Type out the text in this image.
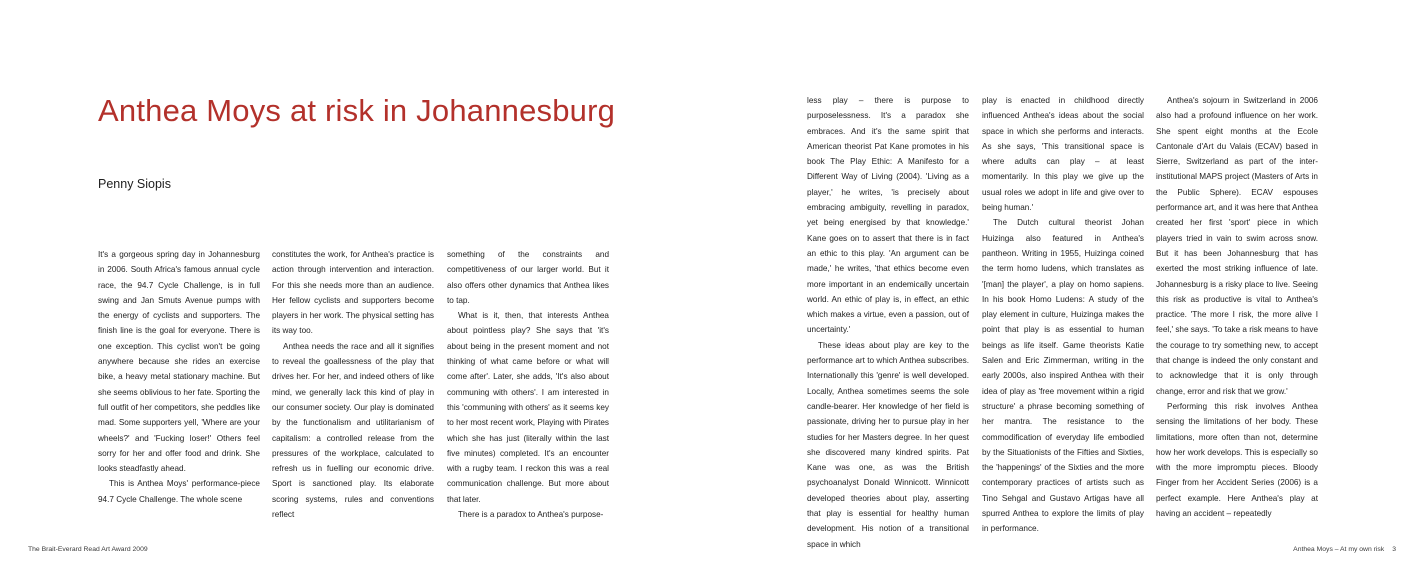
Anthea Moys at risk in Johannesburg
Penny Siopis

It's a gorgeous spring day in Johannesburg in 2006. South Africa's famous annual cycle race, the 94.7 Cycle Challenge, is in full swing and Jan Smuts Avenue pumps with the energy of cyclists and supporters. The finish line is the goal for everyone. There is one exception. This cyclist won't be going anywhere because she rides an exercise bike, a heavy metal stationary machine. But she seems oblivious to her fate. Sporting the full outfit of her competitors, she peddles like mad. Some supporters yell, 'Where are your wheels?' and 'Fucking loser!' Others feel sorry for her and offer food and drink. She looks steadfastly ahead.

This is Anthea Moys' performance-piece 94.7 Cycle Challenge. The whole scene

constitutes the work, for Anthea's practice is action through intervention and interaction. For this she needs more than an audience. Her fellow cyclists and supporters become players in her work. The physical setting has its way too.

Anthea needs the race and all it signifies to reveal the goallessness of the play that drives her. For her, and indeed others of like mind, we generally lack this kind of play in our consumer society. Our play is dominated by the functionalism and utilitarianism of capitalism: a controlled release from the pressures of the workplace, calculated to refresh us in fuelling our economic drive. Sport is sanctioned play. Its elaborate scoring systems, rules and conventions reflect

something of the constraints and competitiveness of our larger world. But it also offers other dynamics that Anthea likes to tap.

What is it, then, that interests Anthea about pointless play? She says that 'it's about being in the present moment and not thinking of what came before or what will come after'. Later, she adds, 'It's also about communing with others'. I am interested in this 'communing with others' as it seems key to her most recent work, Playing with Pirates which she has just (literally within the last five minutes) completed. It's an encounter with a rugby team. I reckon this was a real communication challenge. But more about that later.

There is a paradox to Anthea's purpose-

less play – there is purpose to purposelessness. It's a paradox she embraces. And it's the same spirit that American theorist Pat Kane promotes in his book The Play Ethic: A Manifesto for a Different Way of Living (2004). 'Living as a player,' he writes, 'is precisely about embracing ambiguity, revelling in paradox, yet being energised by that knowledge.' Kane goes on to assert that there is in fact an ethic to this play. 'An argument can be made,' he writes, 'that ethics become even more important in an endemically uncertain world. An ethic of play is, in effect, an ethic which makes a virtue, even a passion, out of uncertainty.'

These ideas about play are key to the performance art to which Anthea subscribes. Internationally this 'genre' is well developed. Locally, Anthea sometimes seems the sole candle-bearer. Her knowledge of her field is passionate, driving her to pursue play in her studies for her Masters degree. In her quest she discovered many kindred spirits. Pat Kane was one, as was the British psychoanalyst Donald Winnicott. Winnicott developed theories about play, asserting that play is essential for healthy human development. His notion of a transitional space in which

play is enacted in childhood directly influenced Anthea's ideas about the social space in which she performs and interacts. As she says, 'This transitional space is where adults can play – at least momentarily. In this play we give up the usual roles we adopt in life and give over to being human.'

The Dutch cultural theorist Johan Huizinga also featured in Anthea's pantheon. Writing in 1955, Huizinga coined the term homo ludens, which translates as '[man] the player', a play on homo sapiens. In his book Homo Ludens: A study of the play element in culture, Huizinga makes the point that play is as essential to human beings as life itself. Game theorists Katie Salen and Eric Zimmerman, writing in the early 2000s, also inspired Anthea with their idea of play as 'free movement within a rigid structure' a phrase becoming something of her mantra. The resistance to the commodification of everyday life embodied by the Situationists of the Fifties and Sixties, the 'happenings' of the Sixties and the more contemporary practices of artists such as Tino Sehgal and Gustavo Artigas have all spurred Anthea to explore the limits of play in performance.

Anthea's sojourn in Switzerland in 2006 also had a profound influence on her work. She spent eight months at the Ecole Cantonale d'Art du Valais (ECAV) based in Sierre, Switzerland as part of the inter-institutional MAPS project (Masters of Arts in the Public Sphere). ECAV espouses performance art, and it was here that Anthea created her first 'sport' piece in which players tried in vain to swim across snow. But it has been Johannesburg that has exerted the most striking influence of late. Johannesburg is a risky place to live. Seeing this risk as productive is vital to Anthea's practice. 'The more I risk, the more alive I feel,' she says. 'To take a risk means to have the courage to try something new, to accept that change is indeed the only constant and to acknowledge that it is only through change, error and risk that we grow.'

Performing this risk involves Anthea sensing the limitations of her body. These limitations, more often than not, determine how her work develops. This is especially so with the more impromptu pieces. Bloody Finger from her Accident Series (2006) is a perfect example. Here Anthea's play at having an accident – repeatedly

The Brait-Everard Read Art Award 2009	Anthea Moys – At my own risk 3
